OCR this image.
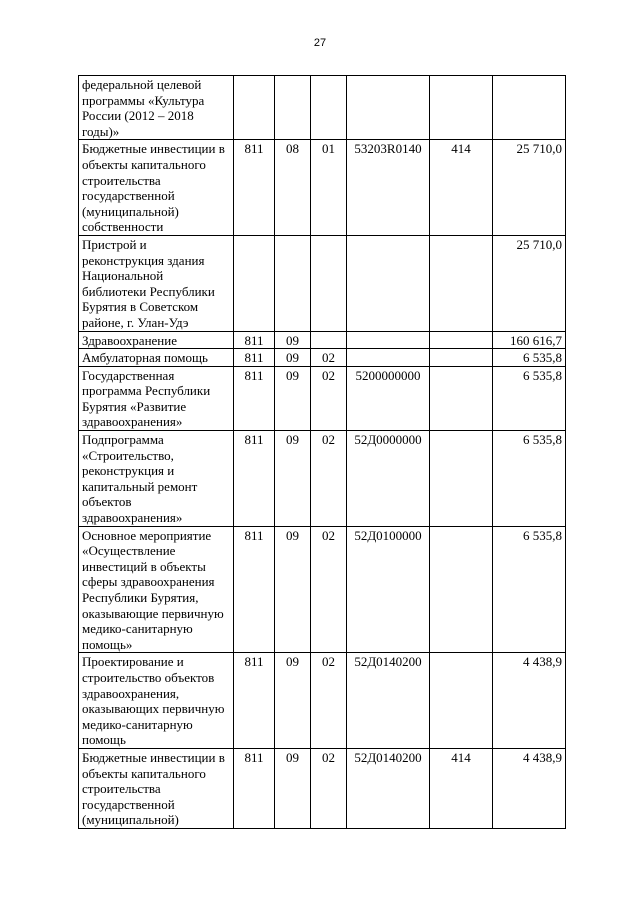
27
федеральной целевой программы «Культура России (2012 – 2018 годы)»						
Бюджетные инвестиции в объекты капитального строительства государственной (муниципальной) собственности	811	08	01	53203R0140	414	25 710,0
Пристрой и реконструкция здания Национальной библиотеки Республики Бурятия в Советском районе, г. Улан-Удэ						25 710,0
Здравоохранение	811	09				160 616,7
Амбулаторная помощь	811	09	02			6 535,8
Государственная программа Республики Бурятия «Развитие здравоохранения»	811	09	02	5200000000		6 535,8
Подпрограмма «Строительство, реконструкция и капитальный ремонт объектов здравоохранения»	811	09	02	52Д0000000		6 535,8
Основное мероприятие «Осуществление инвестиций в объекты сферы здравоохранения Республики Бурятия, оказывающие первичную медико-санитарную помощь»	811	09	02	52Д0100000		6 535,8
Проектирование и строительство объектов здравоохранения, оказывающих первичную медико-санитарную помощь	811	09	02	52Д0140200		4 438,9
Бюджетные инвестиции в объекты капитального строительства государственной (муниципальной)	811	09	02	52Д0140200	414	4 438,9
